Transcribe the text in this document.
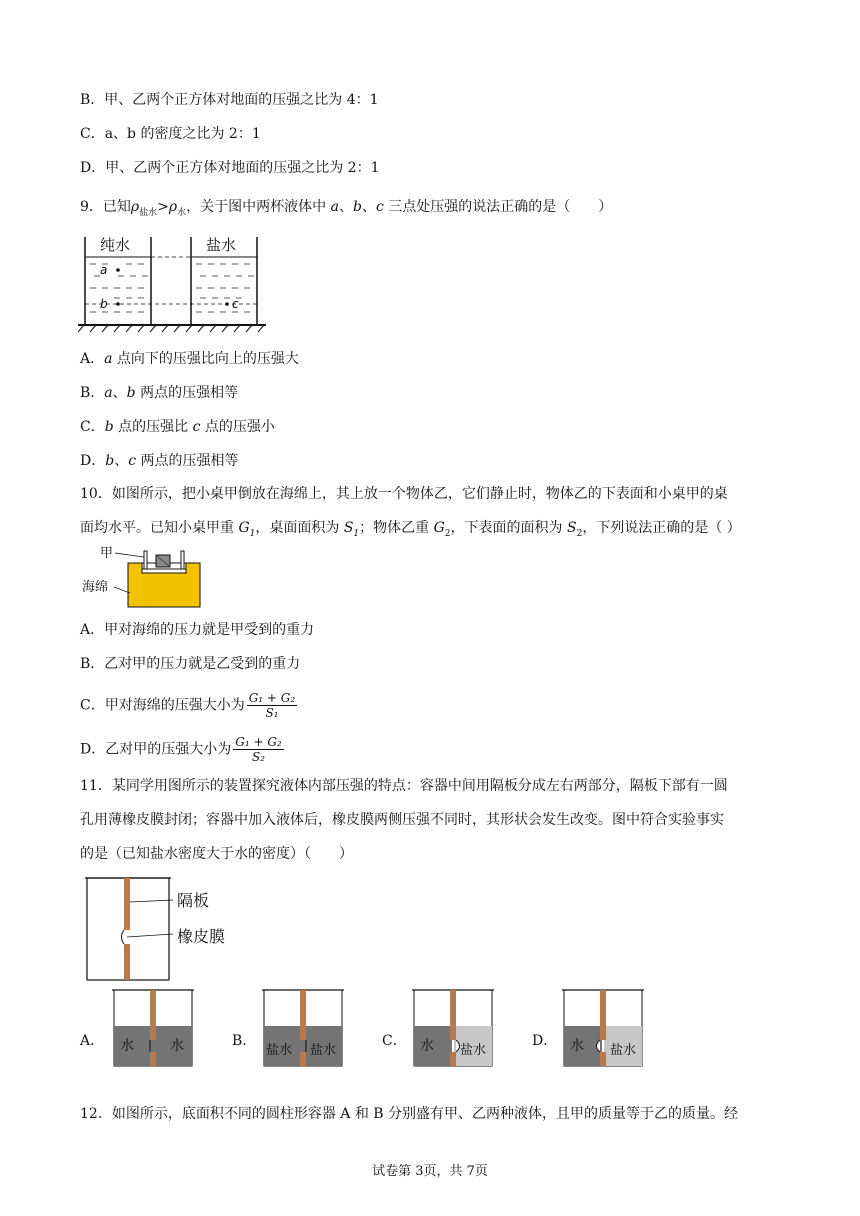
B．甲、乙两个正方体对地面的压强之比为 4：1
C．a、b 的密度之比为 2：1
D．甲、乙两个正方体对地面的压强之比为 2：1
9．已知$\rho_{盐水}>\rho_水$，关于图中两杯液体中 a、b、c 三点处压强的说法正确的是（　　）
a
b	c
纯水	盐水
A．a 点向下的压强比向上的压强大
B．a、b 两点的压强相等
C．b 点的压强比 c 点的压强小
D．b、c 两点的压强相等
10．如图所示，把小桌甲倒放在海绵上，其上放一个物体乙，它们静止时，物体乙的下表面和小桌甲的桌
面均水平。已知小桌甲重 $G_1$，桌面面积为 $S_1$；物体乙重 $G_2$，下表面的面积为 $S_2$，下列说法正确的是（ ）
甲
海绵
A．甲对海绵的压力就是甲受到的重力
B．乙对甲的压力就是乙受到的重力
C．甲对海绵的压强大小为 $\frac{\text{G₁ + G₂}}{\text{S₁}}$
D．乙对甲的压强大小为 $\frac{\text{G₁ + G₂}}{\text{S₂}}$
11．某同学用图所示的装置探究液体内部压强的特点：容器中间用隔板分成左右两部分，隔板下部有一圆
孔用薄橡皮膜封闭；容器中加入液体后，橡皮膜两侧压强不同时，其形状会发生改变。图中符合实验事实
的是（已知盐水密度大于水的密度）（　　）
隔板
橡皮膜
A． 水	水	B．
盐水 盐水
C． 水 盐水
D． 水 盐水
12．如图所示，底面积不同的圆柱形容器 A 和 B 分别盛有甲、乙两种液体，且甲的质量等于乙的质量。经
试卷第 3页，共 7页
